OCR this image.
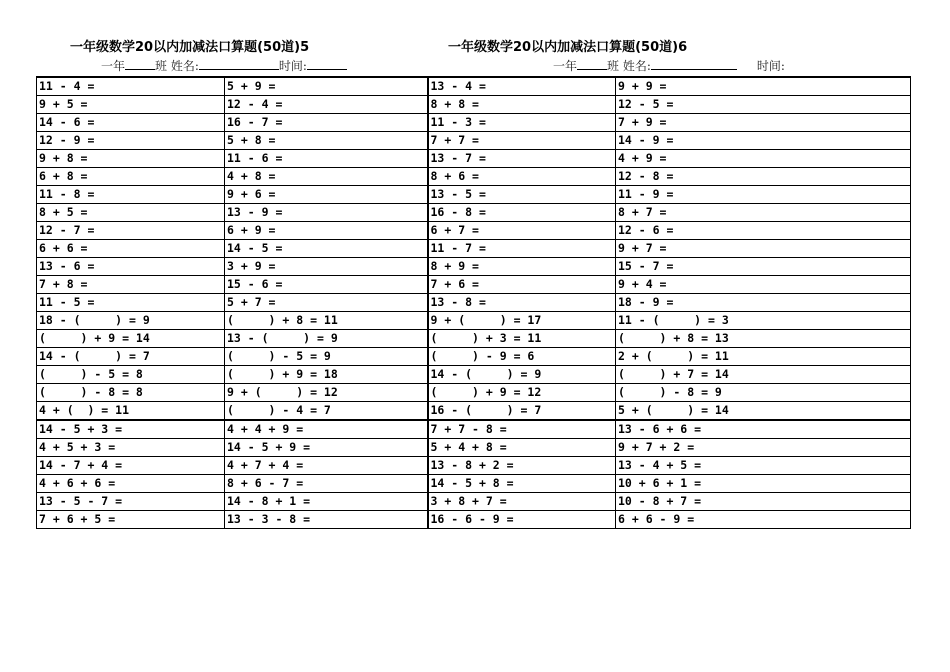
一年级数学20以内加减法口算题(50道)5	一年级数学20以内加减法口算题(50道)6
一年	班 姓名:	时间:	一年	班 姓名:	时间:
11 - 4 =	5 + 9 =	13 - 4 =	9 + 9 =
9 + 5 =	12 - 4 =	8 + 8 =	12 - 5 =
14 - 6 =	16 - 7 =	11 - 3 =	7 + 9 =
12 - 9 =	5 + 8 =	7 + 7 =	14 - 9 =
9 + 8 =	11 - 6 =	13 - 7 =	4 + 9 =
6 + 8 =	4 + 8 =	8 + 6 =	12 - 8 =
11 - 8 =	9 + 6 =	13 - 5 =	11 - 9 =
8 + 5 =	13 - 9 =	16 - 8 =	8 + 7 =
12 - 7 =	6 + 9 =	6 + 7 =	12 - 6 =
6 + 6 =	14 - 5 =	11 - 7 =	9 + 7 =
13 - 6 =	3 + 9 =	8 + 9 =	15 - 7 =
7 + 8 =	15 - 6 =	7 + 6 =	9 + 4 =
11 - 5 =	5 + 7 =	13 - 8 =	18 - 9 =
18 - (     ) = 9	(     ) + 8 = 11	9 + (     ) = 17	11 - (     ) = 3
(     ) + 9 = 14	13 - (     ) = 9	(     ) + 3 = 11	(     ) + 8 = 13
14 - (     ) = 7	(     ) - 5 = 9	(     ) - 9 = 6	2 + (     ) = 11
(     ) - 5 = 8	(     ) + 9 = 18	14 - (     ) = 9	(     ) + 7 = 14
(     ) - 8 = 8	9 + (     ) = 12	(     ) + 9 = 12	(     ) - 8 = 9
4 + (  ) = 11	(     ) - 4 = 7	16 - (     ) = 7	5 + (     ) = 14
14 - 5 + 3 =	4 + 4 + 9 =	7 + 7 - 8 =	13 - 6 + 6 =
4 + 5 + 3 =	14 - 5 + 9 =	5 + 4 + 8 =	9 + 7 + 2 =
14 - 7 + 4 =	4 + 7 + 4 =	13 - 8 + 2 =	13 - 4 + 5 =
4 + 6 + 6 =	8 + 6 - 7 =	14 - 5 + 8 =	10 + 6 + 1 =
13 - 5 - 7 =	14 - 8 + 1 =	3 + 8 + 7 =	10 - 8 + 7 =
7 + 6 + 5 =	13 - 3 - 8 =	16 - 6 - 9 =	6 + 6 - 9 =
